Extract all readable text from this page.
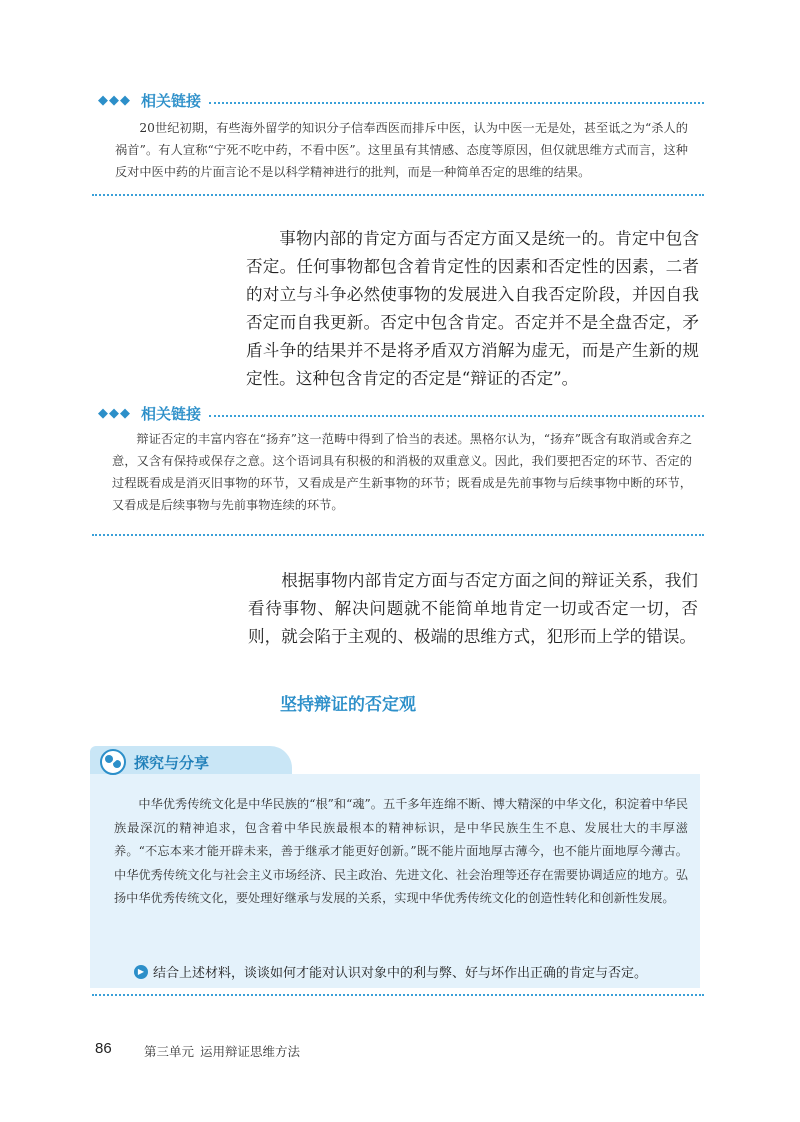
◆◆◆ 相关链接
20世纪初期，有些海外留学的知识分子信奉西医而排斥中医，认为中医一无是处，甚至诋之为“杀人的祸首”。有人宣称“宁死不吃中药，不看中医”。这里虽有其情感、态度等原因，但仅就思维方式而言，这种反对中医中药的片面言论不是以科学精神进行的批判，而是一种简单否定的思维的结果。
事物内部的肯定方面与否定方面又是统一的。肯定中包含否定。任何事物都包含着肯定性的因素和否定性的因素，二者的对立与斗争必然使事物的发展进入自我否定阶段，并因自我否定而自我更新。否定中包含肯定。否定并不是全盘否定，矛盾斗争的结果并不是将矛盾双方消解为虚无，而是产生新的规定性。这种包含肯定的否定是“辩证的否定”。
◆◆◆ 相关链接
辩证否定的丰富内容在“扬弃”这一范畴中得到了恰当的表述。黑格尔认为，“扬弃”既含有取消或舍弃之意，又含有保持或保存之意。这个语词具有积极的和消极的双重意义。因此，我们要把否定的环节、否定的过程既看成是消灭旧事物的环节，又看成是产生新事物的环节；既看成是先前事物与后续事物中断的环节，又看成是后续事物与先前事物连续的环节。
根据事物内部肯定方面与否定方面之间的辩证关系，我们看待事物、解决问题就不能简单地肯定一切或否定一切，否则，就会陷于主观的、极端的思维方式，犯形而上学的错误。
坚持辩证的否定观
探究与分享
中华优秀传统文化是中华民族的“根”和“魂”。五千多年连绵不断、博大精深的中华文化，积淀着中华民族最深沉的精神追求，包含着中华民族最根本的精神标识，是中华民族生生不息、发展壮大的丰厚滋养。“不忘本来才能开辟未来，善于继承才能更好创新。”既不能片面地厚古薄今，也不能片面地厚今薄古。中华优秀传统文化与社会主义市场经济、民主政治、先进文化、社会治理等还存在需要协调适应的地方。弘扬中华优秀传统文化，要处理好继承与发展的关系，实现中华优秀传统文化的创造性转化和创新性发展。
▶ 结合上述材料，谈谈如何才能对认识对象中的利与弊、好与坏作出正确的肯定与否定。
86	第三单元 运用辩证思维方法
